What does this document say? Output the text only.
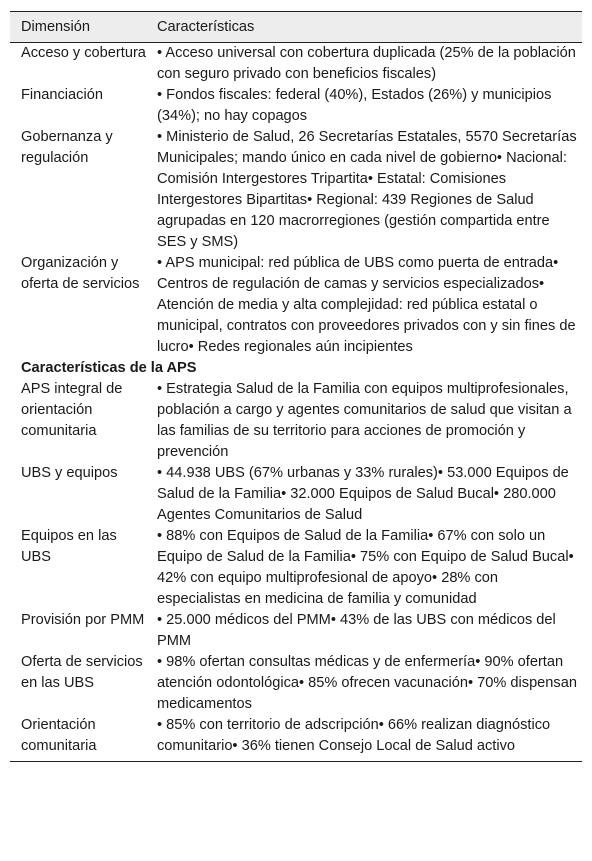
Dimensión	Características
Acceso y cobertura	• Acceso universal con cobertura duplicada (25% de la población con seguro privado con beneficios fiscales)
Financiación	• Fondos fiscales: federal (40%), Estados (26%) y municipios (34%); no hay copagos
Gobernanza y regulación	• Ministerio de Salud, 26 Secretarías Estatales, 5570 Secretarías Municipales; mando único en cada nivel de gobierno• Nacional: Comisión Intergestores Tripartita• Estatal: Comisiones Intergestores Bipartitas• Regional: 439 Regiones de Salud agrupadas en 120 macrorregiones (gestión compartida entre SES y SMS)
Organización y oferta de servicios	• APS municipal: red pública de UBS como puerta de entrada• Centros de regulación de camas y servicios especializados• Atención de media y alta complejidad: red pública estatal o municipal, contratos con proveedores privados con y sin fines de lucro• Redes regionales aún incipientes
Características de la APS	
APS integral de orientación comunitaria	• Estrategia Salud de la Familia con equipos multiprofesionales, población a cargo y agentes comunitarios de salud que visitan a las familias de su territorio para acciones de promoción y prevención
UBS y equipos	• 44.938 UBS (67% urbanas y 33% rurales)• 53.000 Equipos de Salud de la Familia• 32.000 Equipos de Salud Bucal• 280.000 Agentes Comunitarios de Salud
Equipos en las UBS	• 88% con Equipos de Salud de la Familia• 67% con solo un Equipo de Salud de la Familia• 75% con Equipo de Salud Bucal• 42% con equipo multiprofesional de apoyo• 28% con especialistas en medicina de familia y comunidad
Provisión por PMM	• 25.000 médicos del PMM• 43% de las UBS con médicos del PMM
Oferta de servicios en las UBS	• 98% ofertan consultas médicas y de enfermería• 90% ofertan atención odontológica• 85% ofrecen vacunación• 70% dispensan medicamentos
Orientación comunitaria	• 85% con territorio de adscripción• 66% realizan diagnóstico comunitario• 36% tienen Consejo Local de Salud activo
